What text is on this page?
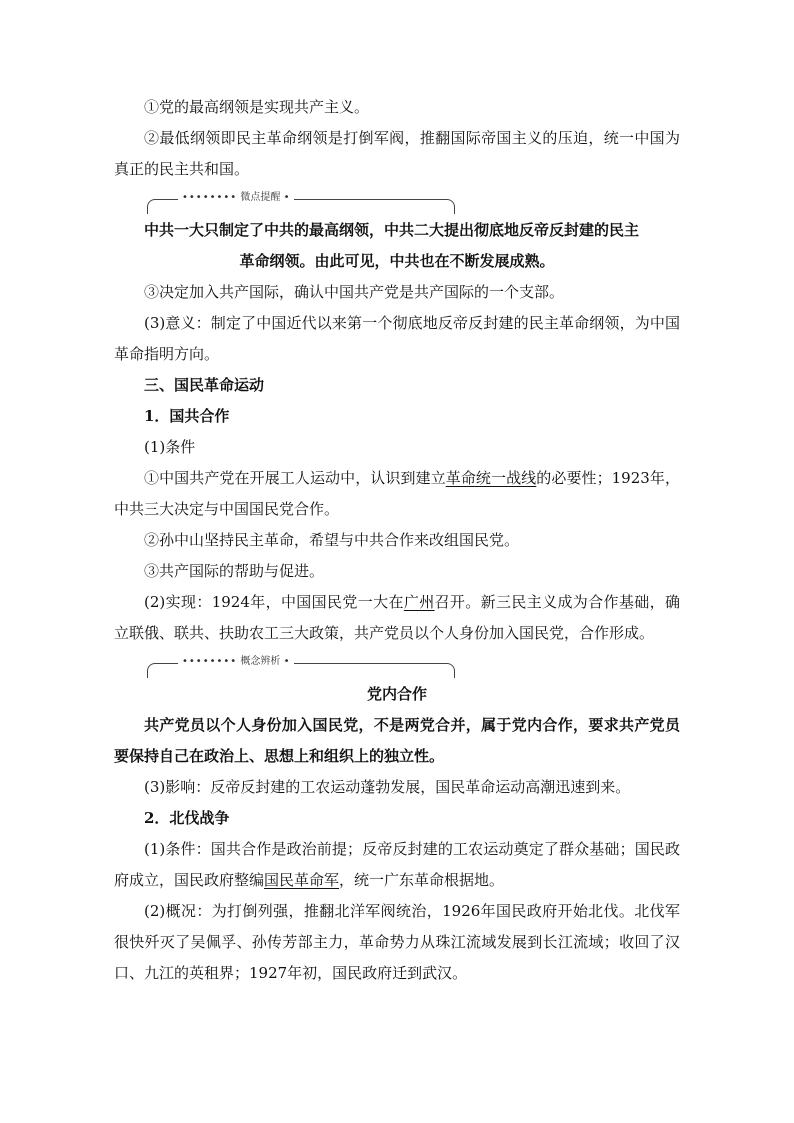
①党的最高纲领是实现共产主义。

②最低纲领即民主革命纲领是打倒军阀，推翻国际帝国主义的压迫，统一中国为真正的民主共和国。

•••••••• 微点提醒 •

中共一大只制定了中共的最高纲领，中共二大提出彻底地反帝反封建的民主

革命纲领。由此可见，中共也在不断发展成熟。

③决定加入共产国际，确认中国共产党是共产国际的一个支部。

(3)意义：制定了中国近代以来第一个彻底地反帝反封建的民主革命纲领，为中国革命指明方向。

三、国民革命运动

1．国共合作

(1)条件

①中国共产党在开展工人运动中，认识到建立革命统一战线的必要性；1923年，中共三大决定与中国国民党合作。

②孙中山坚持民主革命，希望与中共合作来改组国民党。

③共产国际的帮助与促进。

(2)实现：1924年，中国国民党一大在广州召开。新三民主义成为合作基础，确立联俄、联共、扶助农工三大政策，共产党员以个人身份加入国民党，合作形成。

•••••••• 概念辨析 •

党内合作

共产党员以个人身份加入国民党，不是两党合并，属于党内合作，要求共产党员要保持自己在政治上、思想上和组织上的独立性。

(3)影响：反帝反封建的工农运动蓬勃发展，国民革命运动高潮迅速到来。

2．北伐战争

(1)条件：国共合作是政治前提；反帝反封建的工农运动奠定了群众基础；国民政府成立，国民政府整编国民革命军，统一广东革命根据地。

(2)概况：为打倒列强，推翻北洋军阀统治，1926年国民政府开始北伐。北伐军很快歼灭了吴佩孚、孙传芳部主力，革命势力从珠江流域发展到长江流域；收回了汉口、九江的英租界；1927年初，国民政府迁到武汉。
